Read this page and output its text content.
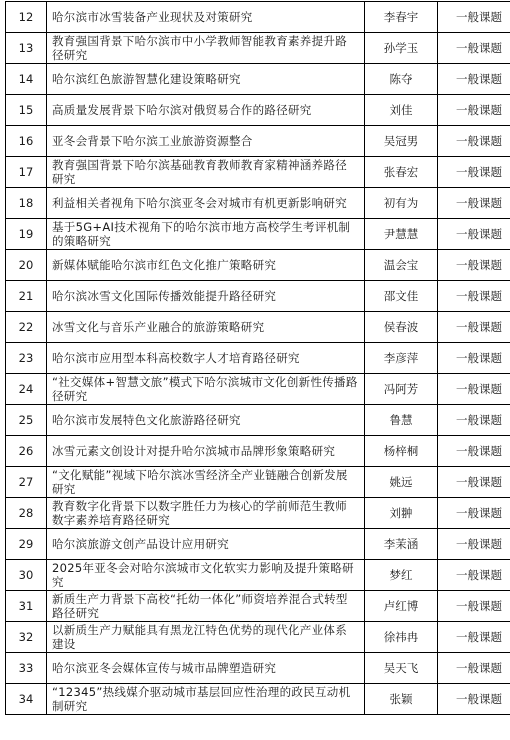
12	哈尔滨市冰雪装备产业现状及对策研究	李春宇	一般课题
13	教育强国背景下哈尔滨市中小学教师智能教育素养提升路径研究	孙学玉	一般课题
14	哈尔滨红色旅游智慧化建设策略研究	陈夺	一般课题
15	高质量发展背景下哈尔滨对俄贸易合作的路径研究	刘佳	一般课题
16	亚冬会背景下哈尔滨工业旅游资源整合	吴冠男	一般课题
17	教育强国背景下哈尔滨基础教育教师教育家精神涵养路径研究	张春宏	一般课题
18	利益相关者视角下哈尔滨亚冬会对城市有机更新影响研究	初有为	一般课题
19	基于5G+AI技术视角下的哈尔滨市地方高校学生考评机制的策略研究	尹慧慧	一般课题
20	新媒体赋能哈尔滨市红色文化推广策略研究	温会宝	一般课题
21	哈尔滨冰雪文化国际传播效能提升路径研究	邵文佳	一般课题
22	冰雪文化与音乐产业融合的旅游策略研究	侯春波	一般课题
23	哈尔滨市应用型本科高校数字人才培育路径研究	李彦萍	一般课题
24	“社交媒体+智慧文旅”模式下哈尔滨城市文化创新性传播路径研究	冯阿芳	一般课题
25	哈尔滨市发展特色文化旅游路径研究	鲁慧	一般课题
26	冰雪元素文创设计对提升哈尔滨城市品牌形象策略研究	杨梓桐	一般课题
27	“文化赋能”视域下哈尔滨冰雪经济全产业链融合创新发展研究	姚远	一般课题
28	教育数字化背景下以数字胜任力为核心的学前师范生教师数字素养培育路径研究	刘翀	一般课题
29	哈尔滨旅游文创产品设计应用研究	李茉涵	一般课题
30	2025年亚冬会对哈尔滨城市文化软实力影响及提升策略研究	梦红	一般课题
31	新质生产力背景下高校“托幼一体化”师资培养混合式转型路径研究	卢红博	一般课题
32	以新质生产力赋能具有黑龙江特色优势的现代化产业体系建设	徐祎冉	一般课题
33	哈尔滨亚冬会媒体宣传与城市品牌塑造研究	吴天飞	一般课题
34	“12345”热线媒介驱动城市基层回应性治理的政民互动机制研究	张颖	一般课题
